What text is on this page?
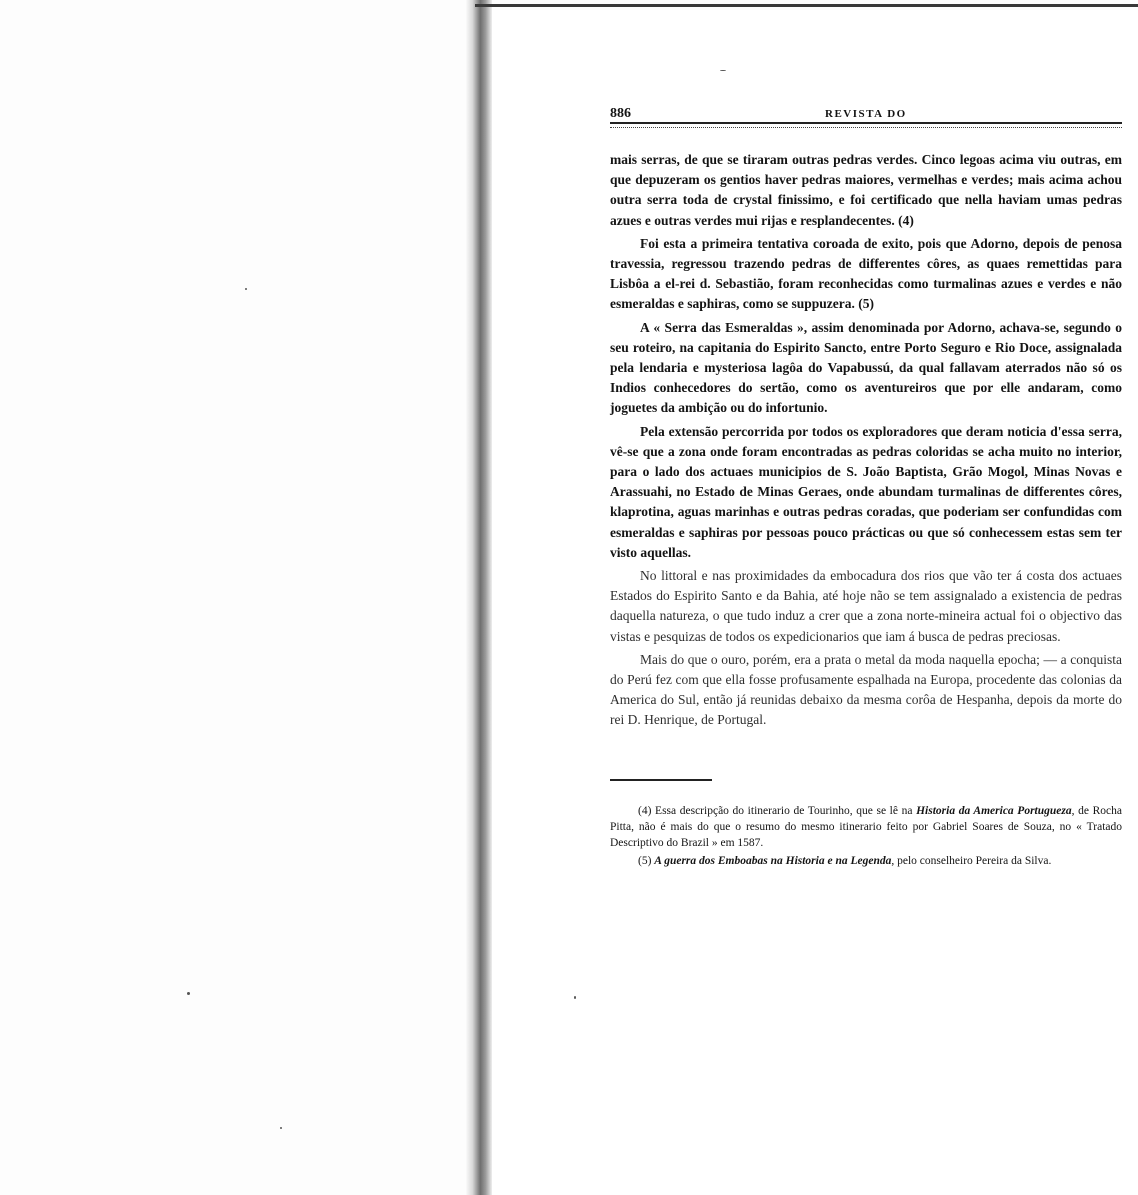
886	REVISTA DO

mais serras, de que se tiraram outras pedras verdes. Cinco legoas acima viu outras, em que depuzeram os gentios haver pedras maiores, vermelhas e verdes; mais acima achou outra serra toda de crystal finissimo, e foi certificado que nella haviam umas pedras azues e outras verdes mui rijas e resplandecentes. (4)

Foi esta a primeira tentativa coroada de exito, pois que Adorno, depois de penosa travessia, regressou trazendo pedras de differentes côres, as quaes remettidas para Lisbôa a el-rei d. Sebastião, foram reconhecidas como turmalinas azues e verdes e não esmeraldas e saphiras, como se suppuzera. (5)

A « Serra das Esmeraldas », assim denominada por Adorno, achava-se, segundo o seu roteiro, na capitania do Espirito Sancto, entre Porto Seguro e Rio Doce, assignalada pela lendaria e mysteriosa lagôa do Vapabussú, da qual fallavam aterrados não só os Indios conhecedores do sertão, como os aventureiros que por elle andaram, como joguetes da ambição ou do infortunio.

Pela extensão percorrida por todos os exploradores que deram noticia d'essa serra, vê-se que a zona onde foram encontradas as pedras coloridas se acha muito no interior, para o lado dos actuaes municipios de S. João Baptista, Grão Mogol, Minas Novas e Arassuahi, no Estado de Minas Geraes, onde abundam turmalinas de differentes côres, klaprotina, aguas marinhas e outras pedras coradas, que poderiam ser confundidas com esmeraldas e saphiras por pessoas pouco prácticas ou que só conhecessem estas sem ter visto aquellas.

No littoral e nas proximidades da embocadura dos rios que vão ter á costa dos actuaes Estados do Espirito Santo e da Bahia, até hoje não se tem assignalado a existencia de pedras daquella natureza, o que tudo induz a crer que a zona norte-mineira actual foi o objectivo das vistas e pesquizas de todos os expedicionarios que iam á busca de pedras preciosas.

Mais do que o ouro, porém, era a prata o metal da moda naquella epocha; — a conquista do Perú fez com que ella fosse profusamente espalhada na Europa, procedente das colonias da America do Sul, então já reunidas debaixo da mesma corôa de Hespanha, depois da morte do rei D. Henrique, de Portugal.

(4) Essa descripção do itinerario de Tourinho, que se lê na Historia da America Portugueza, de Rocha Pitta, não é mais do que o resumo do mesmo itinerario feito por Gabriel Soares de Souza, no « Tratado Descriptivo do Brazil » em 1587.

(5) A guerra dos Emboabas na Historia e na Legenda, pelo conselheiro Pereira da Silva.
